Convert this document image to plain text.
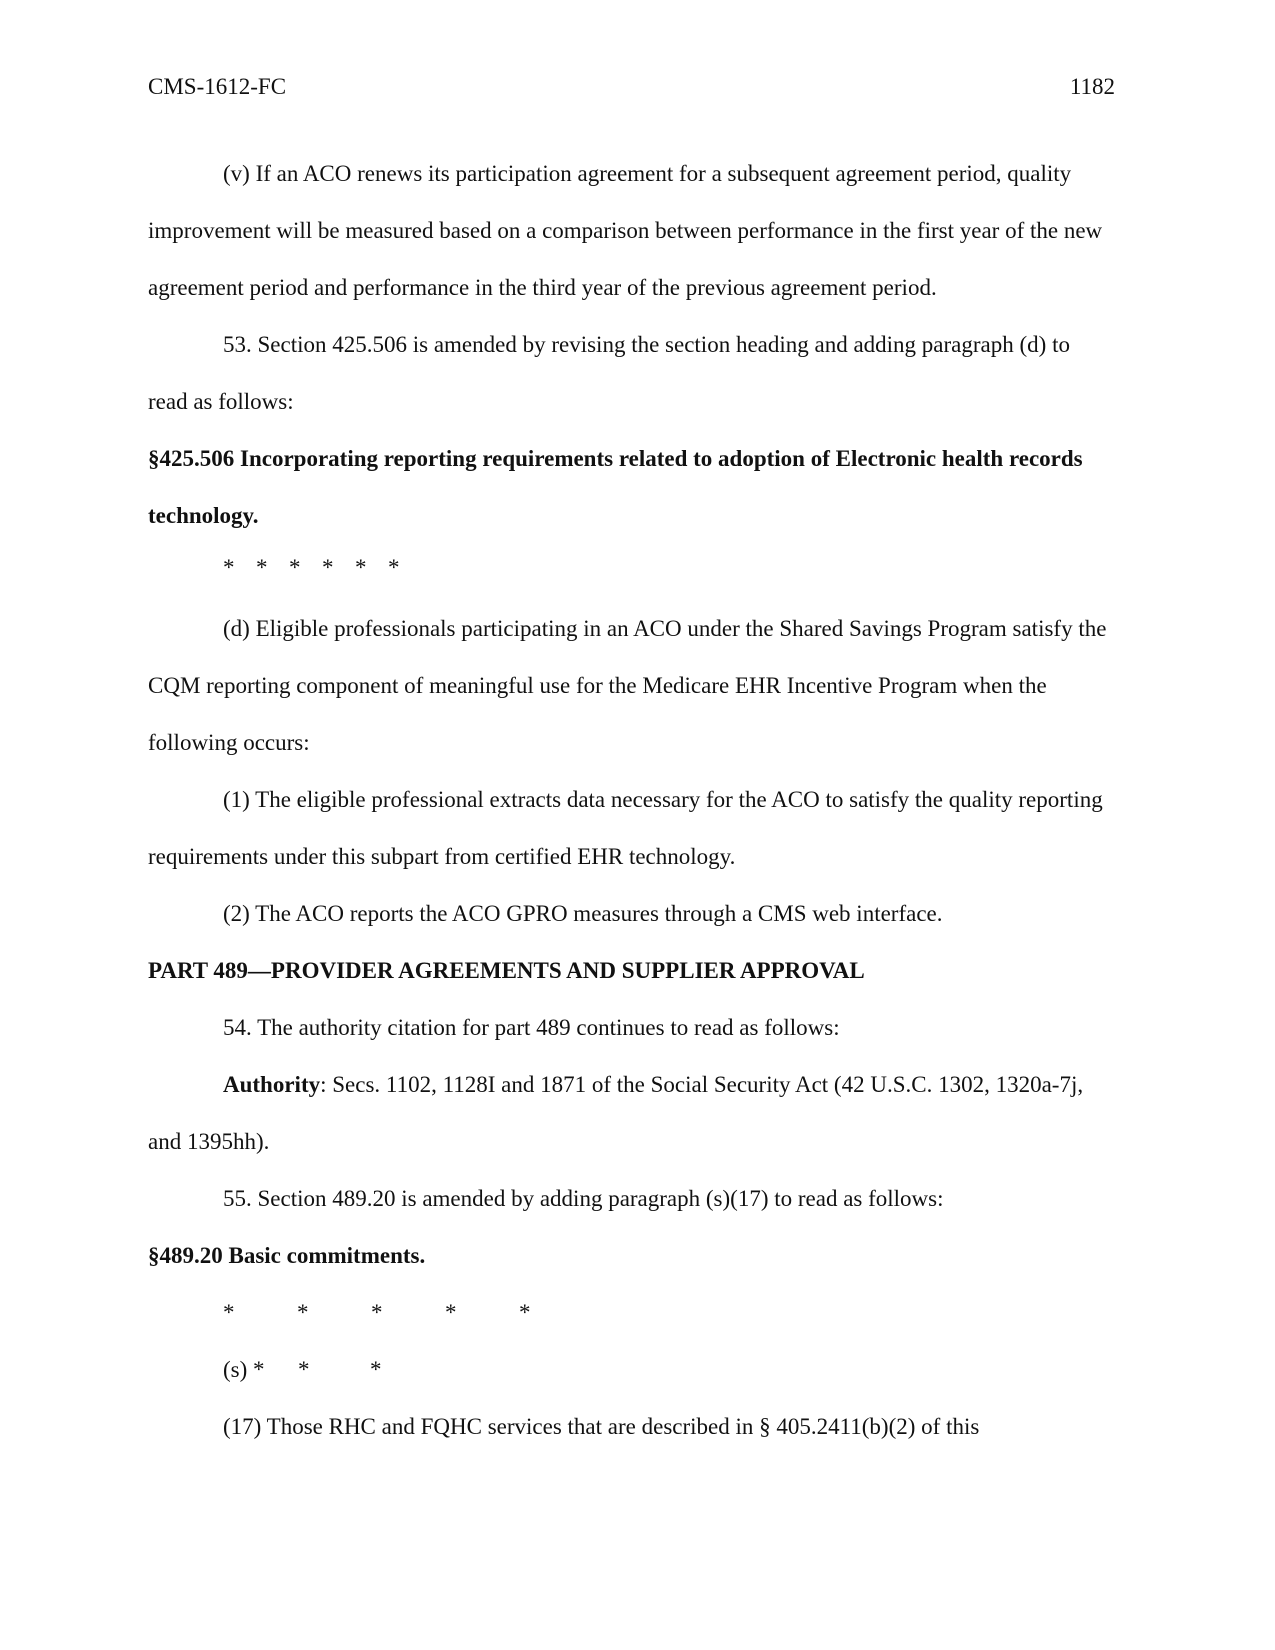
CMS-1612-FC	1182

(v) If an ACO renews its participation agreement for a subsequent agreement period, quality improvement will be measured based on a comparison between performance in the first year of the new agreement period and performance in the third year of the previous agreement period.

53. Section 425.506 is amended by revising the section heading and adding paragraph (d) to read as follows:

§425.506 Incorporating reporting requirements related to adoption of Electronic health records technology.

* * * * * *

(d) Eligible professionals participating in an ACO under the Shared Savings Program satisfy the CQM reporting component of meaningful use for the Medicare EHR Incentive Program when the following occurs:

(1) The eligible professional extracts data necessary for the ACO to satisfy the quality reporting requirements under this subpart from certified EHR technology.

(2) The ACO reports the ACO GPRO measures through a CMS web interface.

PART 489—PROVIDER AGREEMENTS AND SUPPLIER APPROVAL

54. The authority citation for part 489 continues to read as follows:

Authority: Secs. 1102, 1128I and 1871 of the Social Security Act (42 U.S.C. 1302, 1320a-7j, and 1395hh).

55. Section 489.20 is amended by adding paragraph (s)(17) to read as follows:

§489.20 Basic commitments.

*	*	*	*	*

(s) * *	*

(17) Those RHC and FQHC services that are described in § 405.2411(b)(2) of this
